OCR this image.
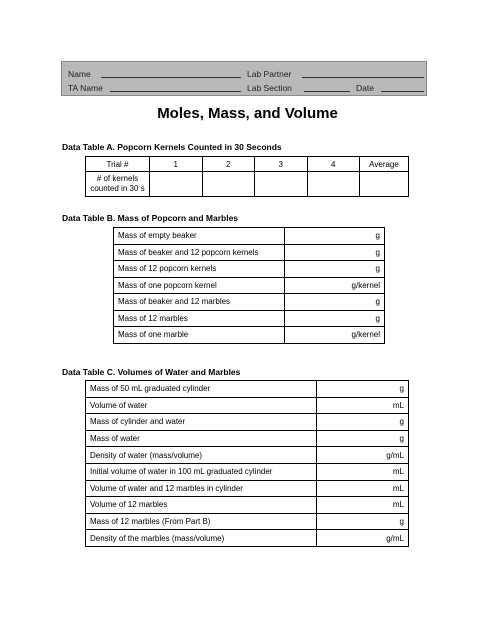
Name	Lab Partner
TA Name	Lab Section	Date
Moles, Mass, and Volume
Data Table A. Popcorn Kernels Counted in 30 Seconds
Trial #	1	2	3	4	Average
# of kernels
counted in 30 s					
Data Table B. Mass of Popcorn and Marbles
Mass of empty beaker	g
Mass of beaker and 12 popcorn kernels	g
Mass of 12 popcorn kernels	g
Mass of one popcorn kernel	g/kernel
Mass of beaker and 12 marbles	g
Mass of 12 marbles	g
Mass of one marble	g/kernel
Data Table C. Volumes of Water and Marbles
Mass of 50 mL graduated cylinder	g
Volume of water	mL
Mass of cylinder and water	g
Mass of water	g
Density of water (mass/volume)	g/mL
Initial volume of water in 100 mL graduated cylinder	mL
Volume of water and 12 marbles in cylinder	mL
Volume of 12 marbles	mL
Mass of 12 marbles (From Part B)	g
Density of the marbles (mass/volume)	g/mL
